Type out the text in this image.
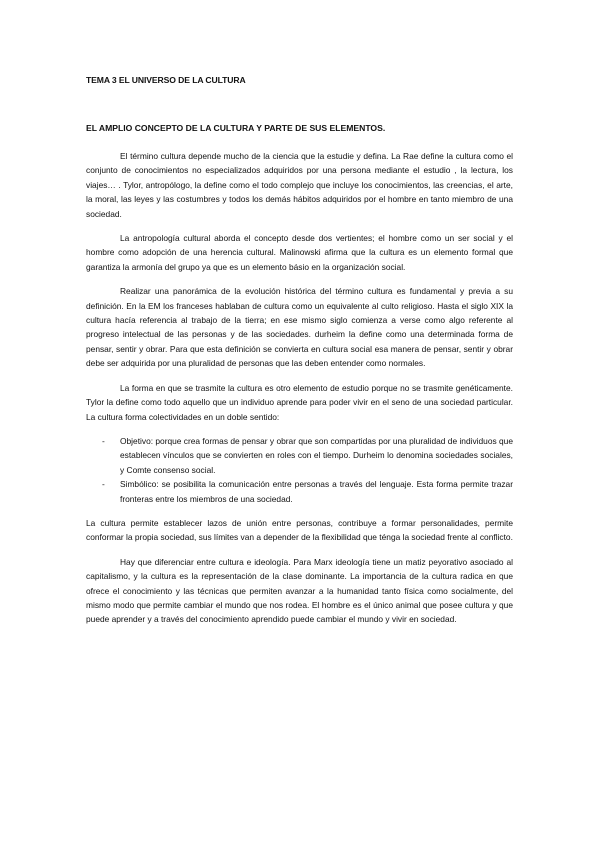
TEMA 3 EL UNIVERSO DE LA CULTURA
EL AMPLIO CONCEPTO DE LA CULTURA Y PARTE DE SUS ELEMENTOS.

El término cultura depende mucho de la ciencia que la estudie y defina. La Rae define la cultura como el conjunto de conocimientos no especializados adquiridos por una persona mediante el estudio , la lectura, los viajes… . Tylor, antropólogo, la define como el todo complejo que incluye los conocimientos, las creencias, el arte, la moral, las leyes y las costumbres y todos los demás hábitos adquiridos por el hombre en tanto miembro de una sociedad.

La antropología cultural aborda el concepto desde dos vertientes; el hombre como un ser social y el hombre como adopción de una herencia cultural. Malinowski afirma que la cultura es un elemento formal que garantiza la armonía del grupo ya que es un elemento básio en la organización social.

Realizar una panorámica de la evolución histórica del término cultura es fundamental y previa a su definición. En la EM los franceses hablaban de cultura como un equivalente al culto religioso. Hasta el siglo XIX la cultura hacía referencia al trabajo de la tierra; en ese mismo siglo comienza a verse como algo referente al progreso intelectual de las personas y de las sociedades. durheim la define como una determinada forma de pensar, sentir y obrar. Para que esta definición se convierta en cultura social esa manera de pensar, sentir y obrar debe ser adquirida por una pluralidad de personas que las deben entender como normales.

La forma en que se trasmite la cultura es otro elemento de estudio porque no se trasmite genéticamente. Tylor la define como todo aquello que un individuo aprende para poder vivir en el seno de una sociedad particular. La cultura forma colectividades en un doble sentido:

- Objetivo: porque crea formas de pensar y obrar que son compartidas por una pluralidad de individuos que establecen vínculos que se convierten en roles con el tiempo. Durheim lo denomina sociedades sociales, y Comte consenso social.
- Simbólico: se posibilita la comunicación entre personas a través del lenguaje. Esta forma permite trazar fronteras entre los miembros de una sociedad.

La cultura permite establecer lazos de unión entre personas, contribuye a formar personalidades, permite conformar la propia sociedad, sus límites van a depender de la flexibilidad que ténga la sociedad frente al conflicto.

Hay que diferenciar entre cultura e ideología. Para Marx ideología tiene un matiz peyorativo asociado al capitalismo, y la cultura es la representación de la clase dominante. La importancia de la cultura radica en que ofrece el conocimiento y las técnicas que permiten avanzar a la humanidad tanto física como socialmente, del mismo modo que permite cambiar el mundo que nos rodea. El hombre es el único animal que posee cultura y que puede aprender y a través del conocimiento aprendido puede cambiar el mundo y vivir en sociedad.
